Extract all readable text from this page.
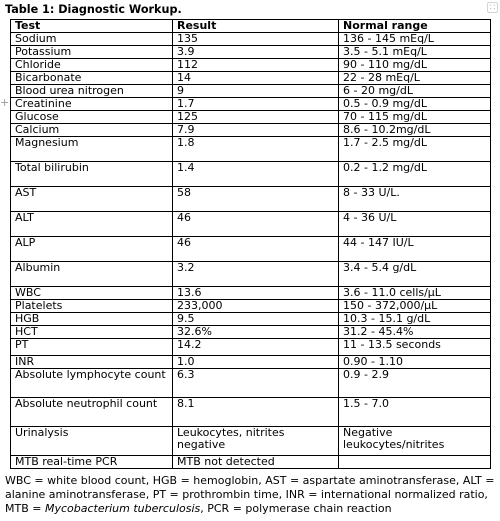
∷
+
Table 1: Diagnostic Workup.
Test	Result	Normal range
Sodium	135	136 - 145 mEq/L
Potassium	3.9	3.5 - 5.1 mEq/L
Chloride	112	90 - 110 mg/dL
Bicarbonate	14	22 - 28 mEq/L
Blood urea nitrogen	9	6 - 20 mg/dL
Creatinine	1.7	0.5 - 0.9 mg/dL
Glucose	125	70 - 115 mg/dL
Calcium	7.9	8.6 - 10.2mg/dL
Magnesium	1.8	1.7 - 2.5 mg/dL
Total bilirubin	1.4	0.2 - 1.2 mg/dL
AST	58	8 - 33 U/L.
ALT	46	4 - 36 U/L
ALP	46	44 - 147 IU/L
Albumin	3.2	3.4 - 5.4 g/dL
WBC	13.6	3.6 - 11.0 cells/µL
Platelets	233,000	150 - 372,000/µL
HGB	9.5	10.3 - 15.1 g/dL
HCT	32.6%	31.2 - 45.4%
PT	14.2	11 - 13.5 seconds
INR	1.0	0.90 - 1.10
Absolute lymphocyte count	6.3	0.9 - 2.9
Absolute neutrophil count	8.1	1.5 - 7.0
Urinalysis	Leukocytes, nitrites negative	Negative leukocytes/nitrites
MTB real-time PCR	MTB not detected	
WBC = white blood count, HGB = hemoglobin, AST = aspartate aminotransferase, ALT = alanine aminotransferase, PT = prothrombin time, INR = international normalized ratio, MTB = Mycobacterium tuberculosis, PCR = polymerase chain reaction
